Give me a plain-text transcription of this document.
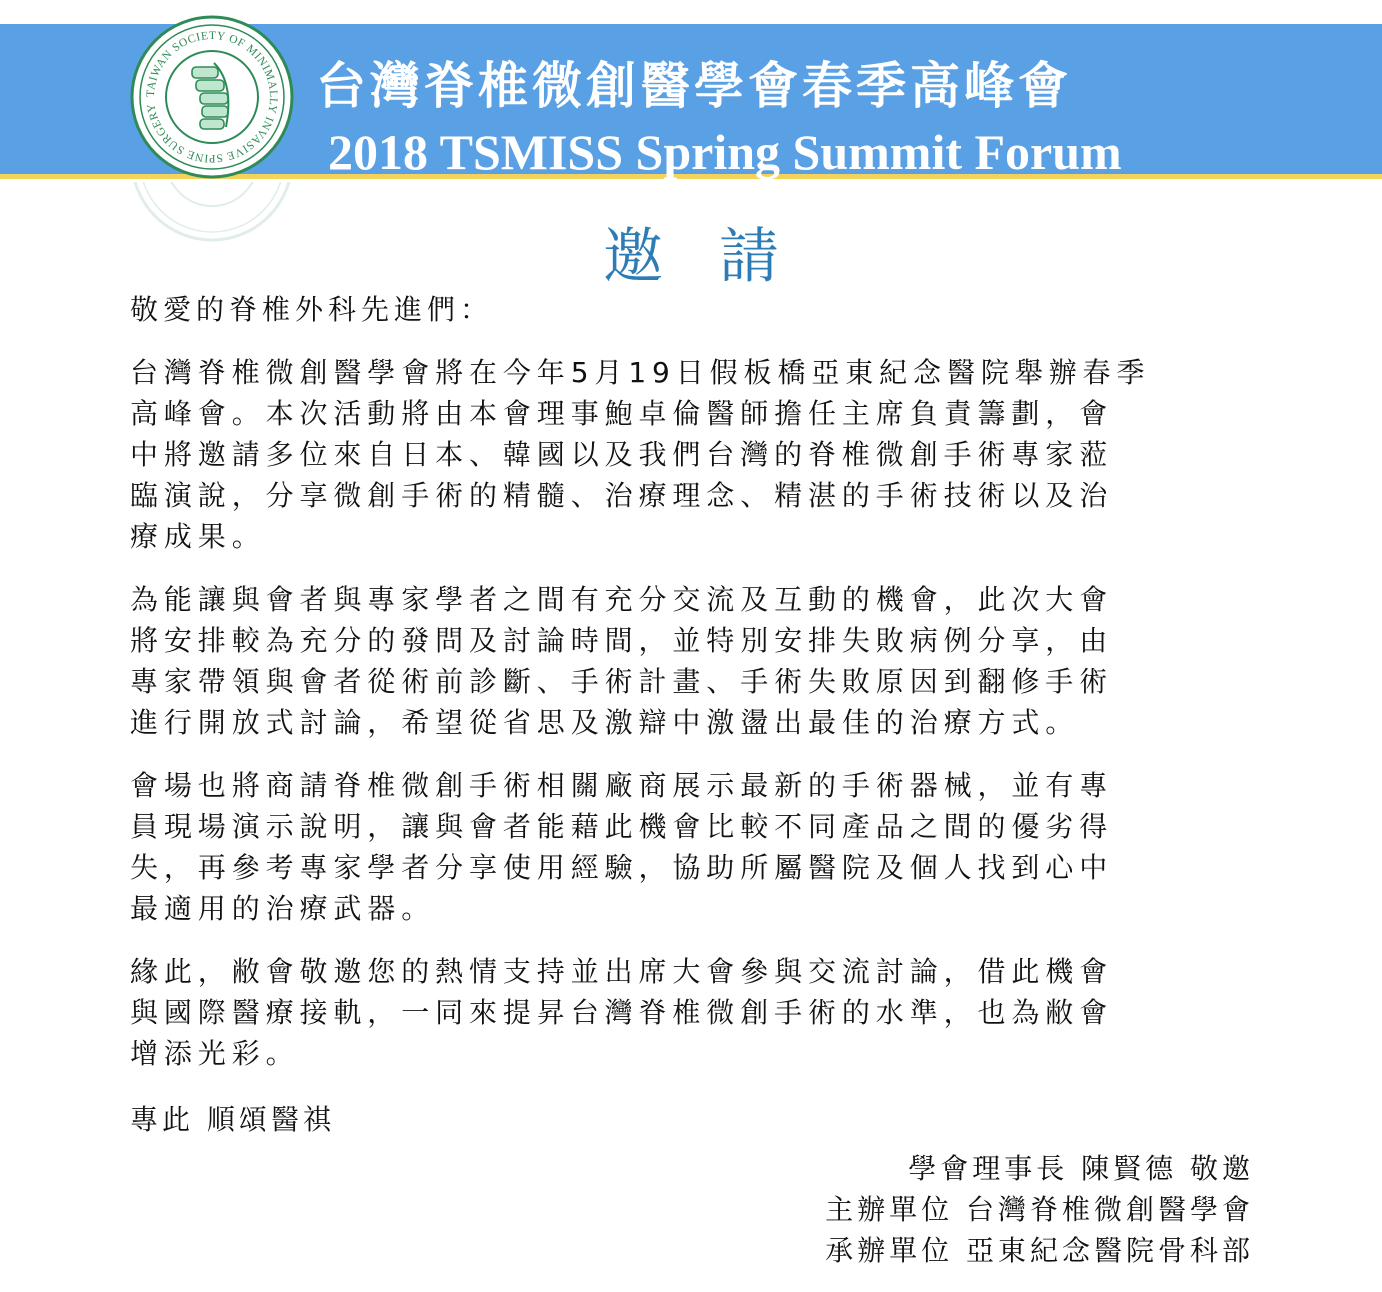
台灣脊椎微創醫學會春季高峰會
2018 TSMISS Spring Summit Forum
TAIWAN SOCIETY OF MINIMALLY INVASIVE SPINE SURGERY
邀請

敬愛的脊椎外科先進們：

台灣脊椎微創醫學會將在今年5月19日假板橋亞東紀念醫院舉辦春季
高峰會。本次活動將由本會理事鮑卓倫醫師擔任主席負責籌劃，會
中將邀請多位來自日本、韓國以及我們台灣的脊椎微創手術專家蒞
臨演說，分享微創手術的精髓、治療理念、精湛的手術技術以及治
療成果。
為能讓與會者與專家學者之間有充分交流及互動的機會，此次大會
將安排較為充分的發問及討論時間，並特別安排失敗病例分享，由
專家帶領與會者從術前診斷、手術計畫、手術失敗原因到翻修手術
進行開放式討論，希望從省思及激辯中激盪出最佳的治療方式。
會場也將商請脊椎微創手術相關廠商展示最新的手術器械，並有專
員現場演示說明，讓與會者能藉此機會比較不同產品之間的優劣得
失，再參考專家學者分享使用經驗，協助所屬醫院及個人找到心中
最適用的治療武器。
緣此，敝會敬邀您的熱情支持並出席大會參與交流討論，借此機會
與國際醫療接軌，一同來提昇台灣脊椎微創手術的水準，也為敝會
增添光彩。
專此 順頌醫祺
學會理事長 陳賢德 敬邀
主辦單位 台灣脊椎微創醫學會
承辦單位 亞東紀念醫院骨科部
